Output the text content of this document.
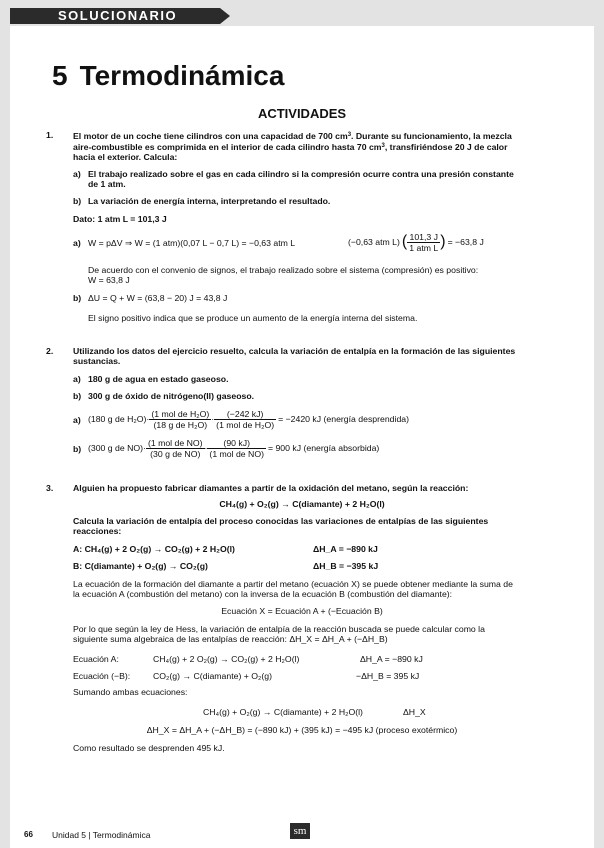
SOLUCIONARIO
5 Termodinámica
ACTIVIDADES
1. El motor de un coche tiene cilindros con una capacidad de 700 $cm^3$. Durante su funcionamiento, la mezcla
aire-combustible es comprimida en el interior de cada cilindro hasta 70 $cm^3$, transfiriéndose 20 J de calor
hacia el exterior. Calcula:
a) El trabajo realizado sobre el gas en cada cilindro si la compresión ocurre contra una presión constante
de 1 atm.
b) La variación de energía interna, interpretando el resultado.
Dato: 1 atm L = 101,3 J
a) W = pΔV ⇒ W = (1 atm)(0,07 L − 0,7 L) = −0,63 atm L	(−0,63 atm L) ( $\frac{101,3 J}{\text{1 atm L}}$ ) = −63,8 J
De acuerdo con el convenio de signos, el trabajo realizado sobre el sistema (compresión) es positivo:
W = 63,8 J
b) ΔU = Q + W = (63,8 − 20) J = 43,8 J
El signo positivo indica que se produce un aumento de la energía interna del sistema.
2. Utilizando los datos del ejercicio resuelto, calcula la variación de entalpía en la formación de las siguientes
sustancias.
a) 180 g de agua en estado gaseoso.
b) 300 g de óxido de nitrógeno(II) gaseoso.
a) (180 g de $H_2O)\cdot \frac{\text{(1 mol de H₂O)}}{\text{(18 g de H₂O)}} \cdot \frac{(-242 kJ)}{\text{(1 mol de H₂O)}} = -2420$ kJ (energía desprendida)
b) (300 g de $NO)\cdot \frac{\text{(1 mol de NO)}}{\text{(30 g de NO)}} \cdot \frac{(90 kJ)}{\text{(1 mol de NO)}} = 900$ kJ (energía absorbida)
3. Alguien ha propuesto fabricar diamantes a partir de la oxidación del metano, según la reacción:
CH₄(g) + O₂(g) → C(diamante) + 2 H₂O(l)
Calcula la variación de entalpía del proceso conocidas las variaciones de entalpías de las siguientes
reacciones:
A: CH₄(g) + 2 O₂(g) → CO₂(g) + 2 H₂O(l)	ΔH_A = −890 kJ
B: C(diamante) + O₂(g) → CO₂(g)	ΔH_B = −395 kJ
La ecuación de la formación del diamante a partir del metano (ecuación X) se puede obtener mediante la suma de
la ecuación A (combustión del metano) con la inversa de la ecuación B (combustión del diamante):
Ecuación X = Ecuación A + (−Ecuación B)
Por lo que según la ley de Hess, la variación de entalpía de la reacción buscada se puede calcular como la
siguiente suma algebraica de las entalpías de reacción: ΔH_X = ΔH_A + (−ΔH_B)
Ecuación A:	CH₄(g) + 2 O₂(g) → CO₂(g) + 2 H₂O(l)	ΔH_A = −890 kJ
Ecuación (−B):	CO₂(g) → C(diamante) + O₂(g)	−ΔH_B = 395 kJ
Sumando ambas ecuaciones:
CH₄(g) + O₂(g) → C(diamante) + 2 H₂O(l)	ΔH_X
ΔH_X = ΔH_A + (−ΔH_B) = (−890 kJ) + (395 kJ) = −495 kJ (proceso exotérmico)
Como resultado se desprenden 495 kJ.
66 Unidad 5 | Termodinámica	sm
